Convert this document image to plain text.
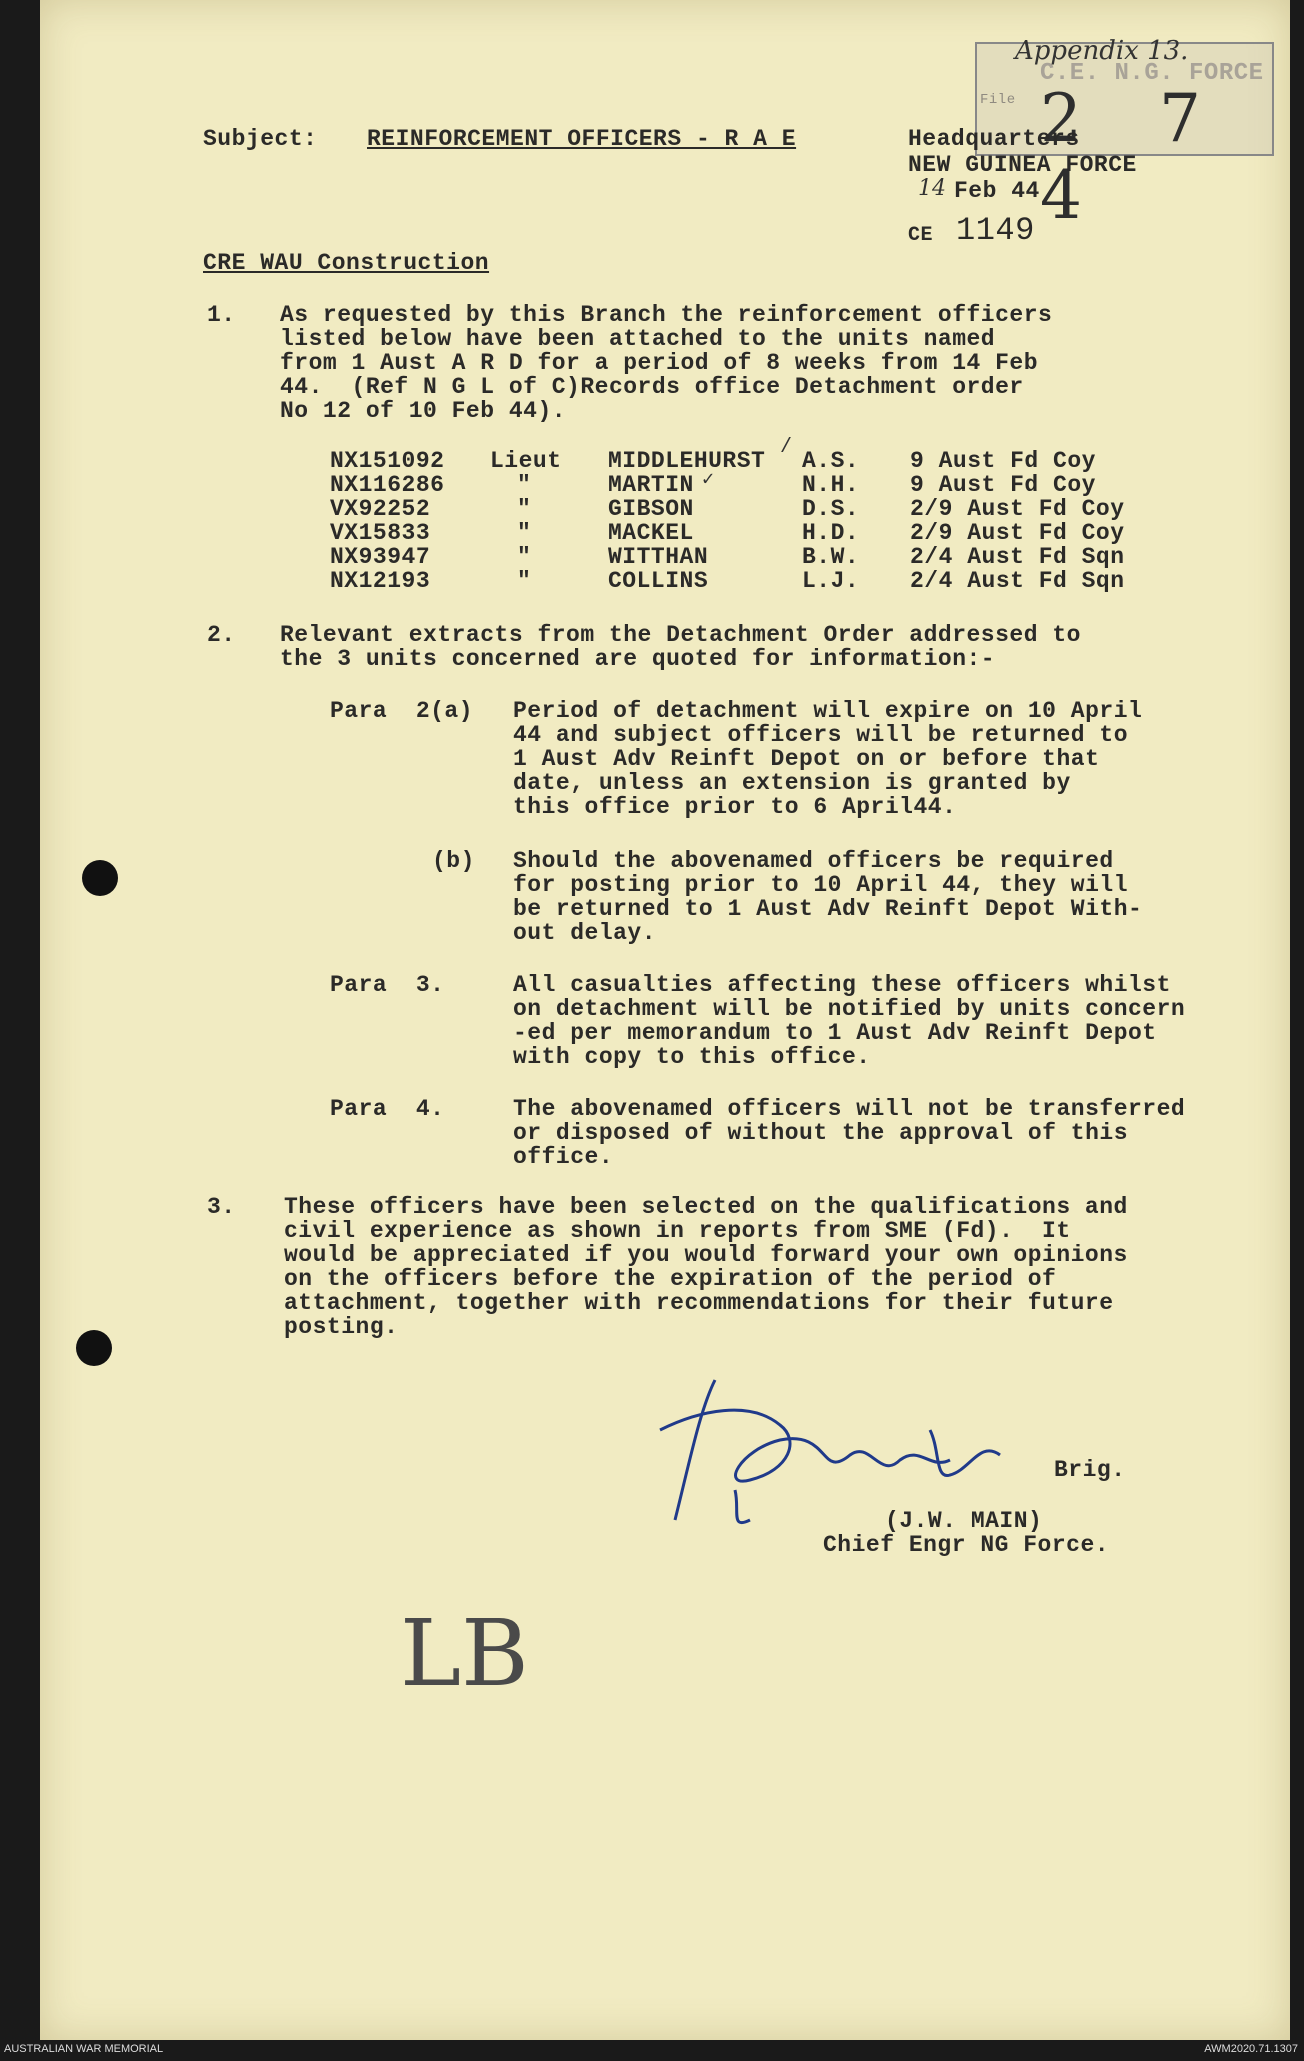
Appendix 13.
C.E. N.G. FORCE
File 2 7 4
Subject: REINFORCEMENT OFFICERS - R A E	Headquarters
NEW GUINEA FORCE
14 Feb 44
CE 1149
CRE WAU Construction
1. As requested by this Branch the reinforcement officers
listed below have been attached to the units named
from 1 Aust A R D for a period of 8 weeks from 14 Feb
44.  (Ref N G L of C)Records office Detachment order
No 12 of 10 Feb 44).
NX151092 Lieut MIDDLEHURST A.S. 9 Aust Fd Coy
NX116286	"	MARTIN	N.H. 9 Aust Fd Coy
VX92252	"	GIBSON	D.S. 2/9 Aust Fd Coy
VX15833	"	MACKEL	H.D. 2/9 Aust Fd Coy
NX93947	"	WITTHAN	B.W. 2/4 Aust Fd Sqn
NX12193	"	COLLINS	L.J. 2/4 Aust Fd Sqn
/
✓
2. Relevant extracts from the Detachment Order addressed to
the 3 units concerned are quoted for information:-
Para  2(a) Period of detachment will expire on 10 April
44 and subject officers will be returned to
1 Aust Adv Reinft Depot on or before that
date, unless an extension is granted by
this office prior to 6 April44.
(b) Should the abovenamed officers be required
for posting prior to 10 April 44, they will
be returned to 1 Aust Adv Reinft Depot With-
out delay.
Para  3.	All casualties affecting these officers whilst
on detachment will be notified by units concern
-ed per memorandum to 1 Aust Adv Reinft Depot
with copy to this office.
Para  4.	The abovenamed officers will not be transferred
or disposed of without the approval of this
office.
3. These officers have been selected on the qualifications and
civil experience as shown in reports from SME (Fd).  It
would be appreciated if you would forward your own opinions
on the officers before the expiration of the period of
attachment, together with recommendations for their future
posting.
Brig.
(J.W. MAIN)
Chief Engr NG Force.
LB
AUSTRALIAN WAR MEMORIAL	AWM2020.71.1307
